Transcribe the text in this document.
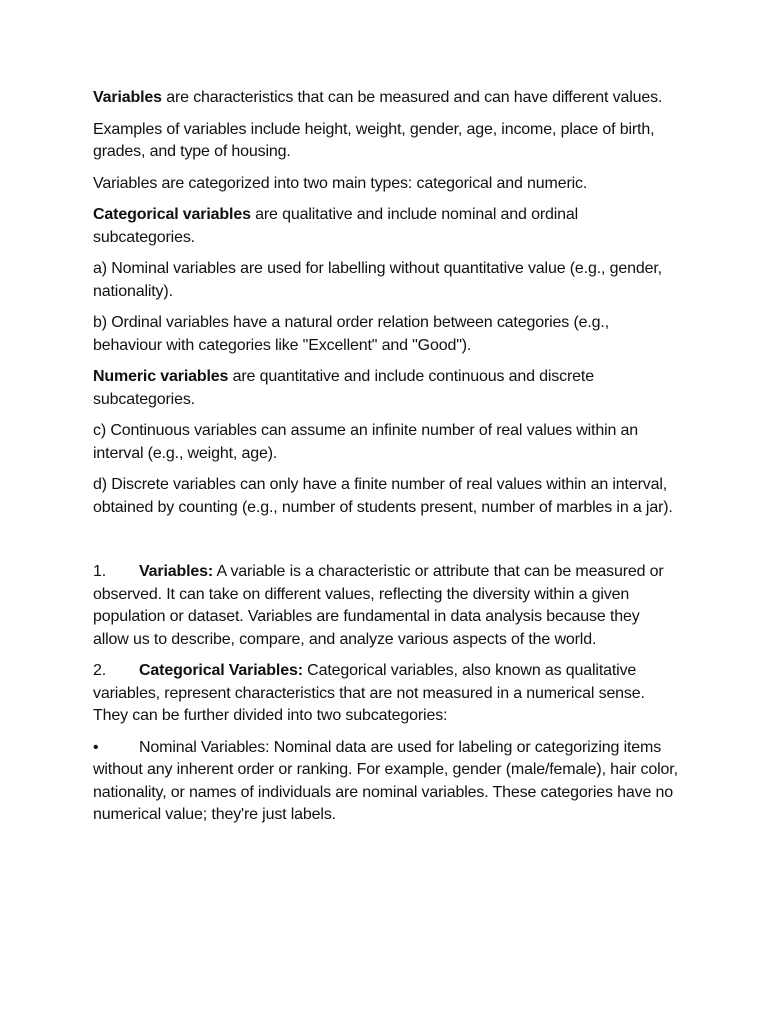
Variables are characteristics that can be measured and can have different values.

Examples of variables include height, weight, gender, age, income, place of birth, grades, and type of housing.

Variables are categorized into two main types: categorical and numeric.

Categorical variables are qualitative and include nominal and ordinal subcategories.

a) Nominal variables are used for labelling without quantitative value (e.g., gender, nationality).

b) Ordinal variables have a natural order relation between categories (e.g., behaviour with categories like "Excellent" and "Good").

Numeric variables are quantitative and include continuous and discrete subcategories.

c) Continuous variables can assume an infinite number of real values within an interval (e.g., weight, age).

d) Discrete variables can only have a finite number of real values within an interval, obtained by counting (e.g., number of students present, number of marbles in a jar).

1. Variables: A variable is a characteristic or attribute that can be measured or observed. It can take on different values, reflecting the diversity within a given population or dataset. Variables are fundamental in data analysis because they allow us to describe, compare, and analyze various aspects of the world.

2. Categorical Variables: Categorical variables, also known as qualitative variables, represent characteristics that are not measured in a numerical sense. They can be further divided into two subcategories:

•	Nominal Variables: Nominal data are used for labeling or categorizing items without any inherent order or ranking. For example, gender (male/female), hair color, nationality, or names of individuals are nominal variables. These categories have no numerical value; they're just labels.
